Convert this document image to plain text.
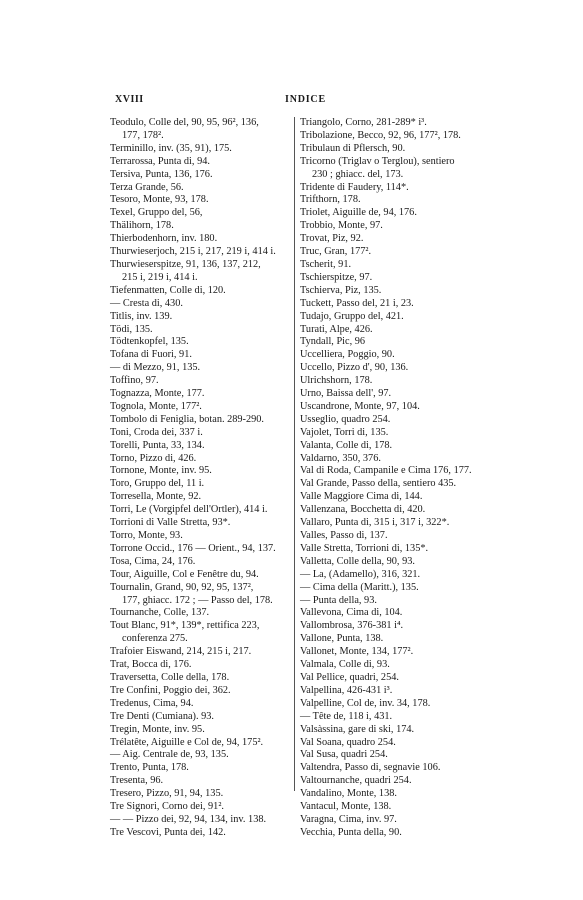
XVIII	INDICE
Teodulo, Colle del, 90, 95, 96², 136,
177, 178².
Terminillo, inv. (35, 91), 175.
Terrarossa, Punta di, 94.
Tersiva, Punta, 136, 176.
Terza Grande, 56.
Tesoro, Monte, 93, 178.
Texel, Gruppo del, 56,
Thälihorn, 178.
Thierbodenhorn, inv. 180.
Thurwieserjoch, 215 i, 217, 219 i, 414 i.
Thurwieserspitze, 91, 136, 137, 212,
215 i, 219 i, 414 i.
Tiefenmatten, Colle di, 120.
— Cresta di, 430.
Titlis, inv. 139.
Tödi, 135.
Tödtenkopfel, 135.
Tofana di Fuori, 91.
— di Mezzo, 91, 135.
Toffino, 97.
Tognazza, Monte, 177.
Tognola, Monte, 177².
Tombolo di Feniglia, botan. 289-290.
Toni, Croda dei, 337 i.
Torelli, Punta, 33, 134.
Torno, Pizzo di, 426.
Tornone, Monte, inv. 95.
Toro, Gruppo del, 11 i.
Torresella, Monte, 92.
Torri, Le (Vorgipfel dell'Ortler), 414 i.
Torrioni di Valle Stretta, 93*.
Torro, Monte, 93.
Torrone Occid., 176 — Orient., 94, 137.
Tosa, Cima, 24, 176.
Tour, Aiguille, Col e Fenêtre du, 94.
Tournalin, Grand, 90, 92, 95, 137²,
177, ghiacc. 172 ; — Passo del, 178.
Tournanche, Colle, 137.
Tout Blanc, 91*, 139*, rettifica 223,
conferenza 275.
Trafoier Eiswand, 214, 215 i, 217.
Trat, Bocca di, 176.
Traversetta, Colle della, 178.
Tre Confini, Poggio dei, 362.
Tredenus, Cima, 94.
Tre Denti (Cumiana). 93.
Tregin, Monte, inv. 95.
Trélatête, Aiguille e Col de, 94, 175².
— Aig. Centrale de, 93, 135.
Trento, Punta, 178.
Tresenta, 96.
Tresero, Pizzo, 91, 94, 135.
Tre Signori, Corno dei, 91².
— — Pizzo dei, 92, 94, 134, inv. 138.
Tre Vescovi, Punta dei, 142.
Triangolo, Corno, 281-289* i³.
Tribolazione, Becco, 92, 96, 177², 178.
Tribulaun di Pflersch, 90.
Tricorno (Triglav o Terglou), sentiero
230 ; ghiacc. del, 173.
Tridente di Faudery, 114*.
Trifthorn, 178.
Triolet, Aiguille de, 94, 176.
Trobbio, Monte, 97.
Trovat, Piz, 92.
Truc, Gran, 177².
Tscherit, 91.
Tschierspitze, 97.
Tschierva, Piz, 135.
Tuckett, Passo del, 21 i, 23.
Tudajo, Gruppo del, 421.
Turati, Alpe, 426.
Tyndall, Pic, 96
Uccelliera, Poggio, 90.
Uccello, Pizzo d', 90, 136.
Ulrichshorn, 178.
Urno, Baissa dell', 97.
Uscandrone, Monte, 97, 104.
Usseglio, quadro 254.
Vajolet, Torri di, 135.
Valanta, Colle di, 178.
Valdarno, 350, 376.
Val di Roda, Campanile e Cima 176, 177.
Val Grande, Passo della, sentiero 435.
Valle Maggiore Cima di, 144.
Vallenzana, Bocchetta di, 420.
Vallaro, Punta di, 315 i, 317 i, 322*.
Valles, Passo di, 137.
Valle Stretta, Torrioni di, 135*.
Valletta, Colle della, 90, 93.
— La, (Adamello), 316, 321.
— Cima della (Maritt.), 135.
— Punta della, 93.
Vallevona, Cima di, 104.
Vallombrosa, 376-381 i⁴.
Vallone, Punta, 138.
Vallonet, Monte, 134, 177².
Valmala, Colle di, 93.
Val Pellice, quadri, 254.
Valpellina, 426-431 i³.
Valpelline, Col de, inv. 34, 178.
— Tête de, 118 i, 431.
Valsàssina, gare di ski, 174.
Val Soana, quadro 254.
Val Susa, quadri 254.
Valtendra, Passo di, segnavie 106.
Valtournanche, quadri 254.
Vandalino, Monte, 138.
Vantacul, Monte, 138.
Varagna, Cima, inv. 97.
Vecchia, Punta della, 90.
